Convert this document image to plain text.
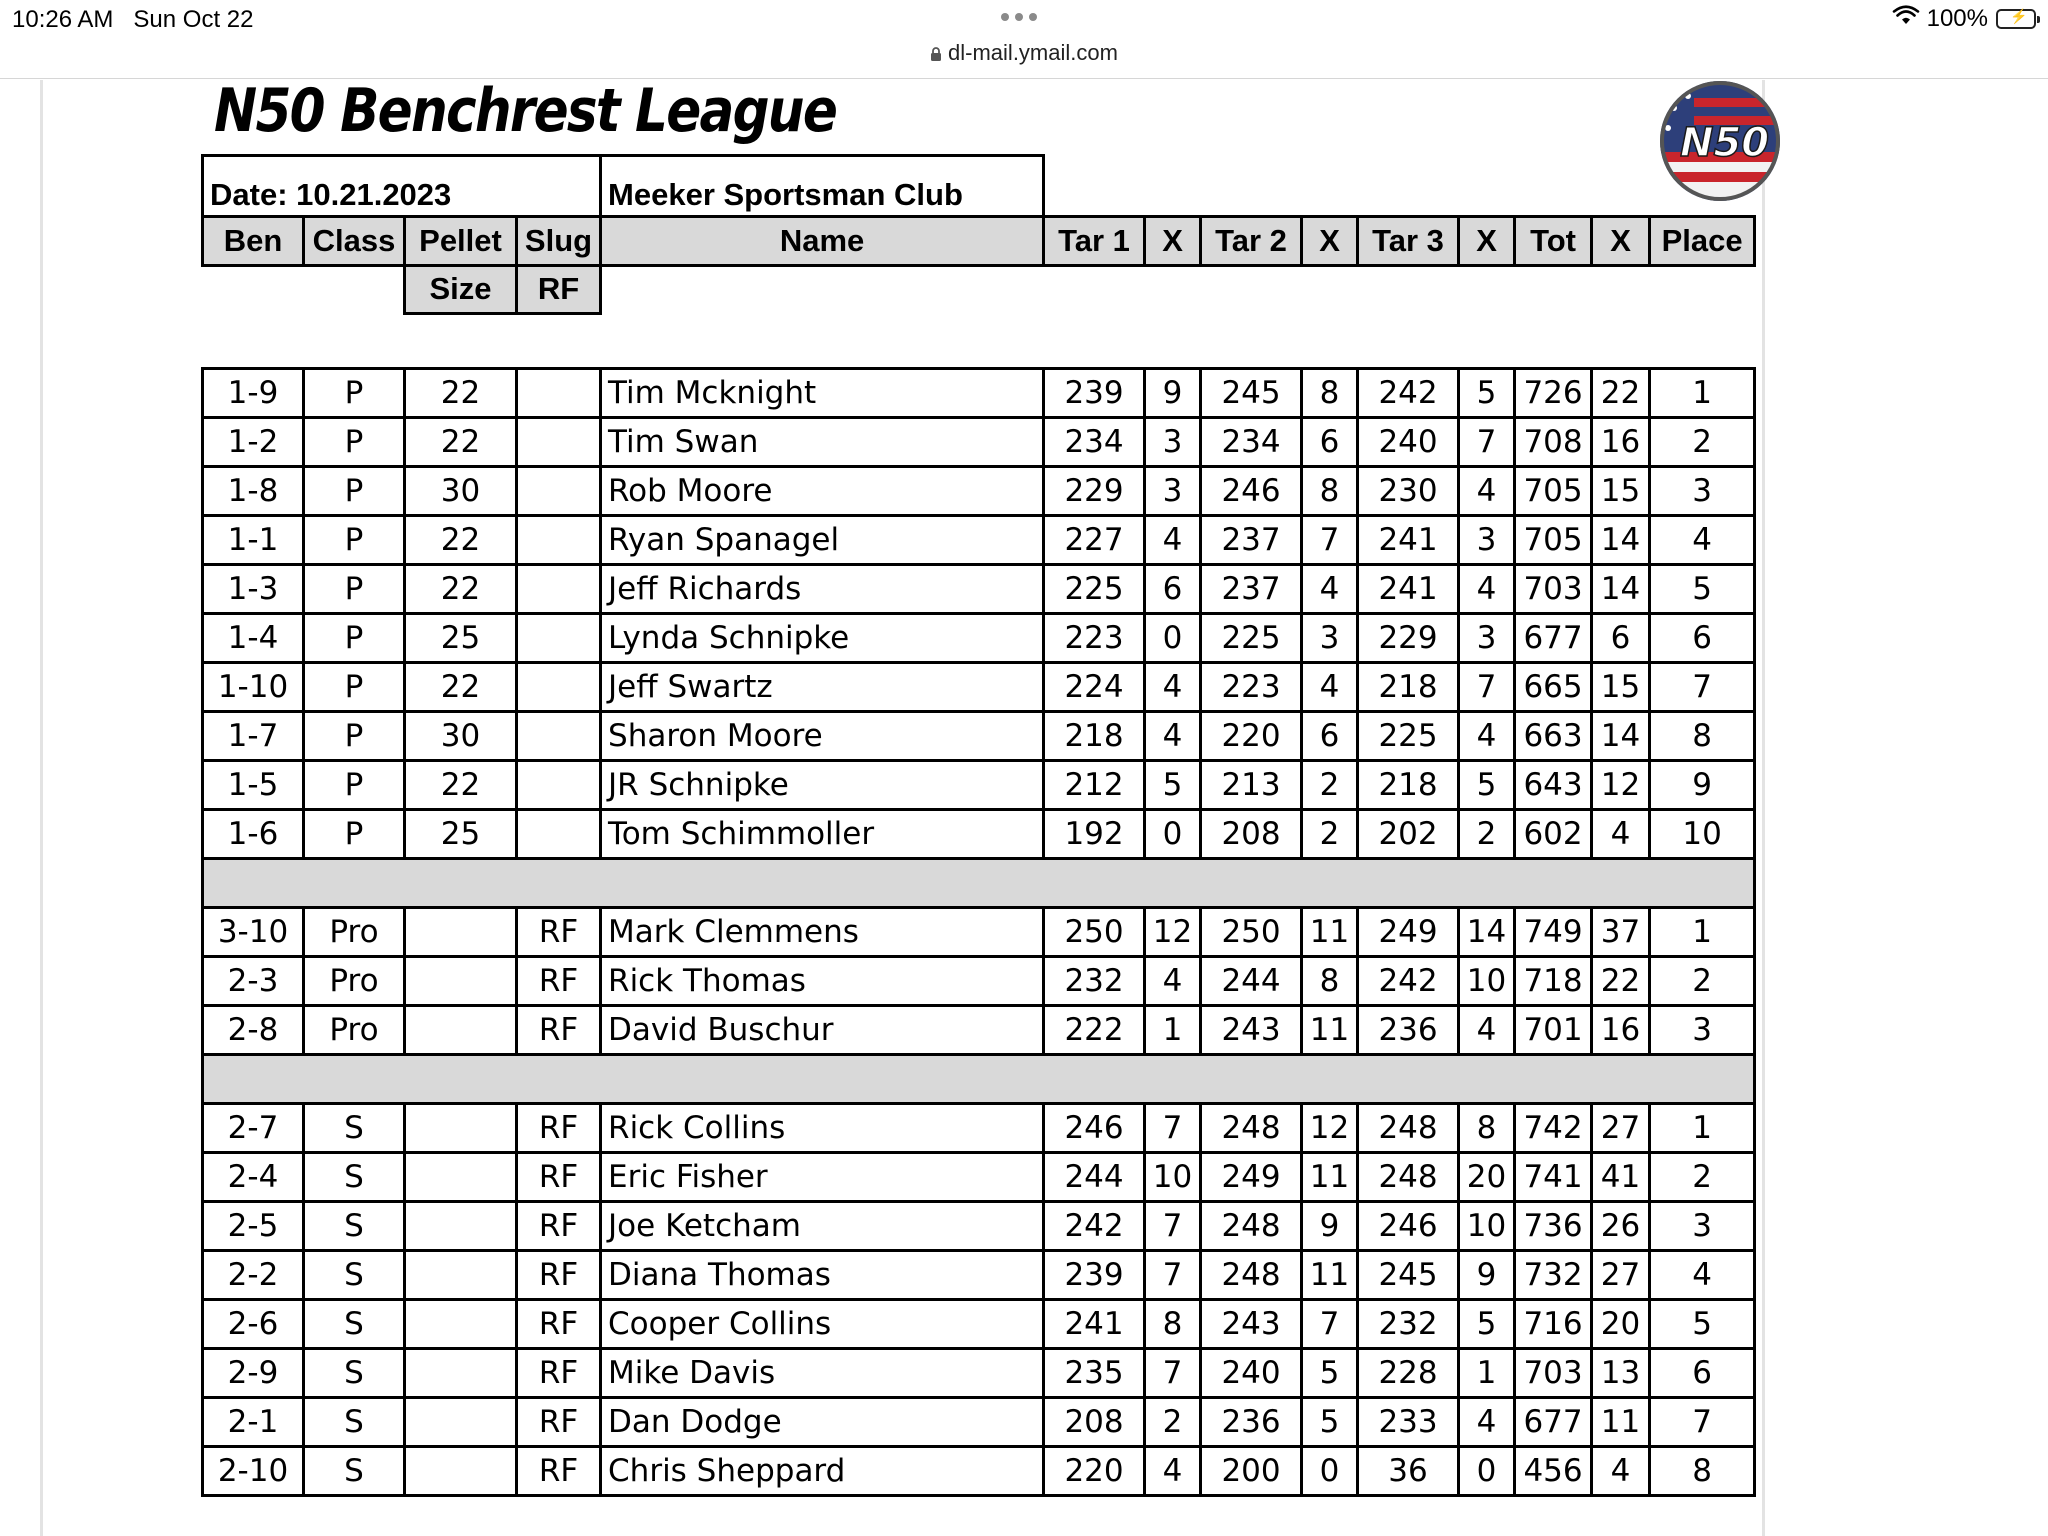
10:26 AM Sun Oct 22
dl-mail.ymail.com
100% ⚡
N50 Benchrest League	N50
Date: 10.21.2023				Meeker Sportsman Club									
Ben	Class	Pellet	Slug	Name	Tar 1	X	Tar 2	X	Tar 3	X	Tot	X	Place
		Size	RF										

1-9	P	22		Tim Mcknight	239	9	245	8	242	5	726	22	1
1-2	P	22		Tim Swan	234	3	234	6	240	7	708	16	2
1-8	P	30		Rob Moore	229	3	246	8	230	4	705	15	3
1-1	P	22		Ryan Spanagel	227	4	237	7	241	3	705	14	4
1-3	P	22		Jeff Richards	225	6	237	4	241	4	703	14	5
1-4	P	25		Lynda Schnipke	223	0	225	3	229	3	677	6	6
1-10	P	22		Jeff Swartz	224	4	223	4	218	7	665	15	7
1-7	P	30		Sharon Moore	218	4	220	6	225	4	663	14	8
1-5	P	22		JR Schnipke	212	5	213	2	218	5	643	12	9
1-6	P	25		Tom Schimmoller	192	0	208	2	202	2	602	4	10

3-10	Pro		RF	Mark Clemmens	250	12	250	11	249	14	749	37	1
2-3	Pro		RF	Rick Thomas	232	4	244	8	242	10	718	22	2
2-8	Pro		RF	David Buschur	222	1	243	11	236	4	701	16	3

2-7	S		RF	Rick Collins	246	7	248	12	248	8	742	27	1
2-4	S		RF	Eric Fisher	244	10	249	11	248	20	741	41	2
2-5	S		RF	Joe Ketcham	242	7	248	9	246	10	736	26	3
2-2	S		RF	Diana Thomas	239	7	248	11	245	9	732	27	4
2-6	S		RF	Cooper Collins	241	8	243	7	232	5	716	20	5
2-9	S		RF	Mike Davis	235	7	240	5	228	1	703	13	6
2-1	S		RF	Dan Dodge	208	2	236	5	233	4	677	11	7
2-10	S		RF	Chris Sheppard	220	4	200	0	36	0	456	4	8
